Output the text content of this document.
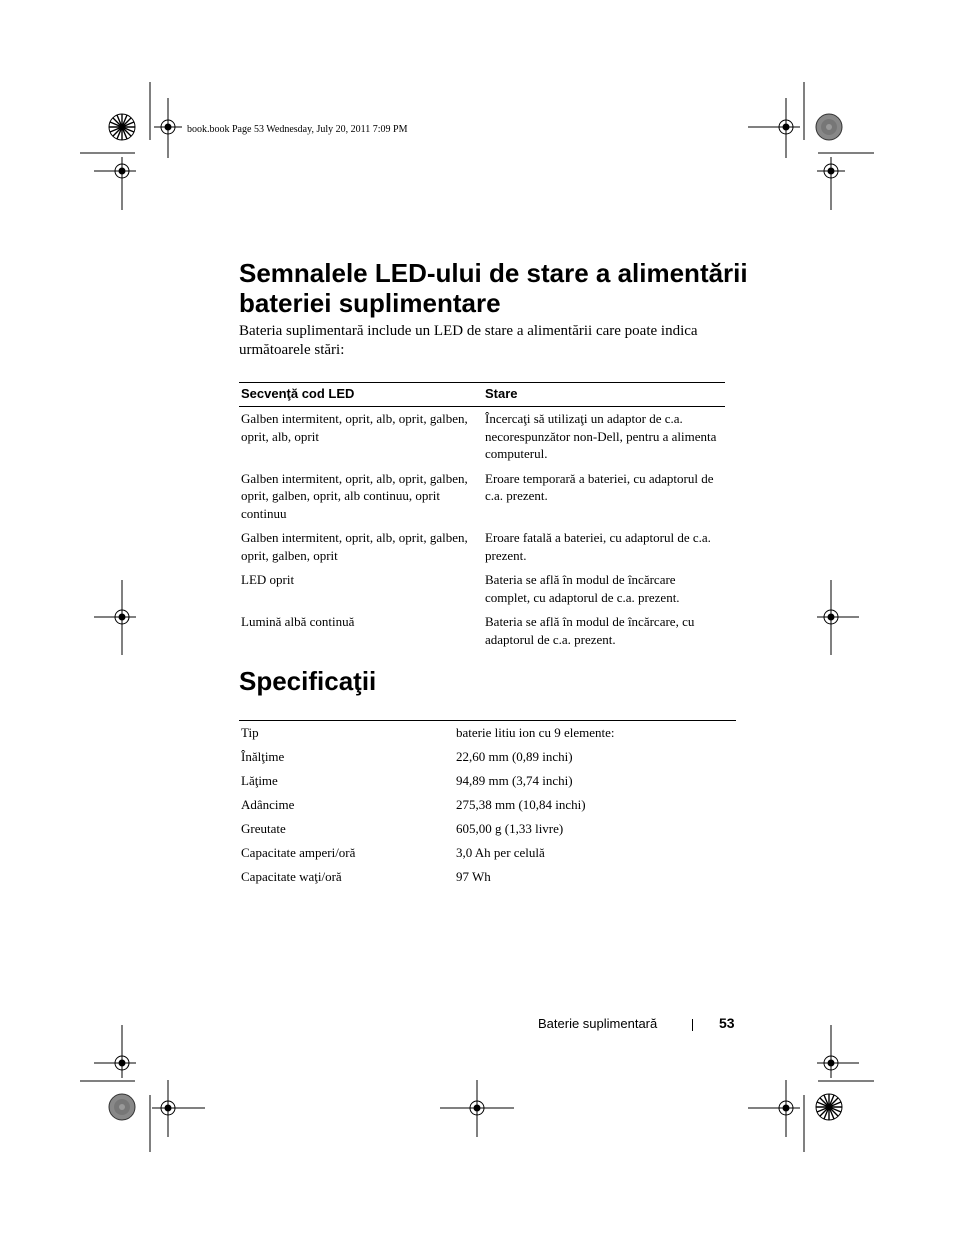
book.book Page 53 Wednesday, July 20, 2011 7:09 PM
Semnalele LED-ului de stare a alimentării bateriei suplimentare

Bateria suplimentară include un LED de stare a alimentării care poate indica următoarele stări:

Secvenţă cod LED	Stare
Galben intermitent, oprit, alb, oprit, galben, oprit, alb, oprit	Încercaţi să utilizaţi un adaptor de c.a. necorespunzător non-Dell, pentru a alimenta computerul.
Galben intermitent, oprit, alb, oprit, galben, oprit, galben, oprit, alb continuu, oprit continuu	Eroare temporară a bateriei, cu adaptorul de c.a. prezent.
Galben intermitent, oprit, alb, oprit, galben, oprit, galben, oprit	Eroare fatală a bateriei, cu adaptorul de c.a. prezent.
LED oprit	Bateria se află în modul de încărcare complet, cu adaptorul de c.a. prezent.
Lumină albă continuă	Bateria se află în modul de încărcare, cu adaptorul de c.a. prezent.
Specificaţii
Tip	baterie litiu ion cu 9 elemente:
Înălţime	22,60 mm (0,89 inchi)
Lăţime	94,89 mm (3,74 inchi)
Adâncime	275,38 mm (10,84 inchi)
Greutate	605,00 g (1,33 livre)
Capacitate amperi/oră	3,0 Ah per celulă
Capacitate waţi/oră	97 Wh
Baterie suplimentară	53
